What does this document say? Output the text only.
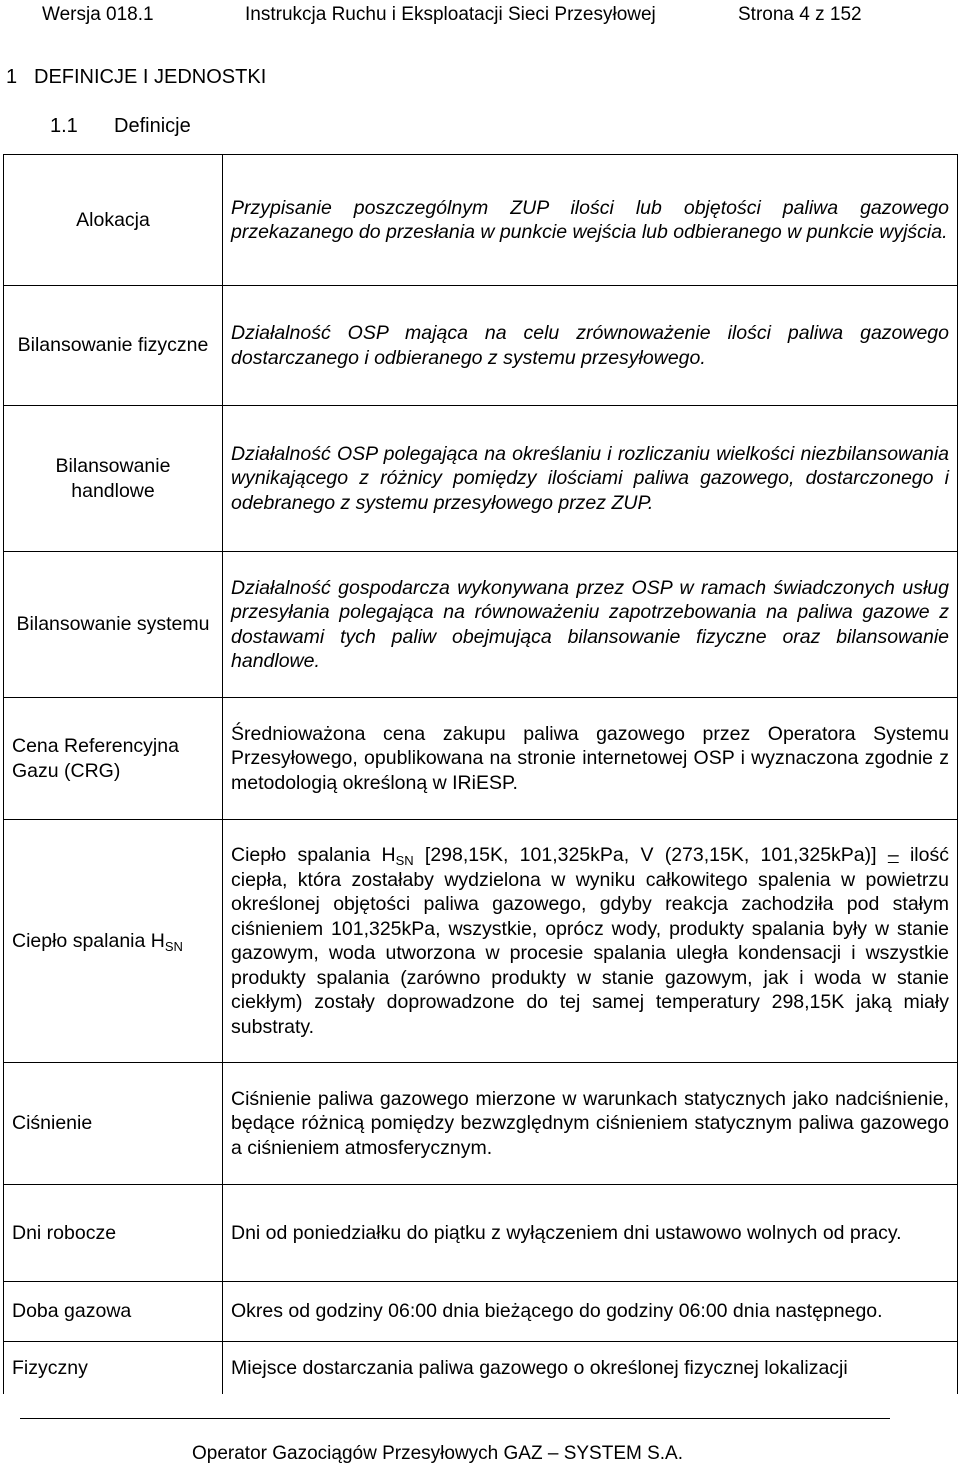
Wersja 018.1	Instrukcja Ruchu i Eksploatacji Sieci Przesyłowej	Strona 4 z 152
1 DEFINICJE I JEDNOSTKI
1.1 Definicje
Alokacja	Przypisanie poszczególnym ZUP ilości lub objętości paliwa gazowego przekazanego do przesłania w punkcie wejścia lub odbieranego w punkcie wyjścia.
Bilansowanie fizyczne	Działalność OSP mająca na celu zrównoważenie ilości paliwa gazowego dostarczanego i odbieranego z systemu przesyłowego.
Bilansowanie handlowe	Działalność OSP polegająca na określaniu i rozliczaniu wielkości niezbilansowania wynikającego z różnicy pomiędzy ilościami paliwa gazowego, dostarczonego i odebranego z systemu przesyłowego przez ZUP.
Bilansowanie systemu	Działalność gospodarcza wykonywana przez OSP w ramach świadczonych usług przesyłania polegająca na równoważeniu zapotrzebowania na paliwa gazowe z dostawami tych paliw obejmująca bilansowanie fizyczne oraz bilansowanie handlowe.
Cena Referencyjna Gazu (CRG)	Średnioważona cena zakupu paliwa gazowego przez Operatora Systemu Przesyłowego, opublikowana na stronie internetowej OSP i wyznaczona zgodnie z metodologią określoną w IRiESP.
Ciepło spalania $H_{SN}$	Ciepło spalania $H_{SN}$ [298,15K, 101,325kPa, V (273,15K, 101,325kPa)] – ilość ciepła, która zostałaby wydzielona w wyniku całkowitego spalenia w powietrzu określonej objętości paliwa gazowego, gdyby reakcja zachodziła pod stałym ciśnieniem 101,325kPa, wszystkie, oprócz wody, produkty spalania były w stanie gazowym, woda utworzona w procesie spalania uległa kondensacji i wszystkie produkty spalania (zarówno produkty w stanie gazowym, jak i woda w stanie ciekłym) zostały doprowadzone do tej samej temperatury 298,15K jaką miały substraty.
Ciśnienie	Ciśnienie paliwa gazowego mierzone w warunkach statycznych jako nadciśnienie, będące różnicą pomiędzy bezwzględnym ciśnieniem statycznym paliwa gazowego a ciśnieniem atmosferycznym.
Dni robocze	Dni od poniedziałku do piątku z wyłączeniem dni ustawowo wolnych od pracy.
Doba gazowa	Okres od godziny 06:00 dnia bieżącego do godziny 06:00 dnia następnego.
Fizyczny	Miejsce dostarczania paliwa gazowego o określonej fizycznej lokalizacji
Operator Gazociągów Przesyłowych GAZ – SYSTEM S.A.
